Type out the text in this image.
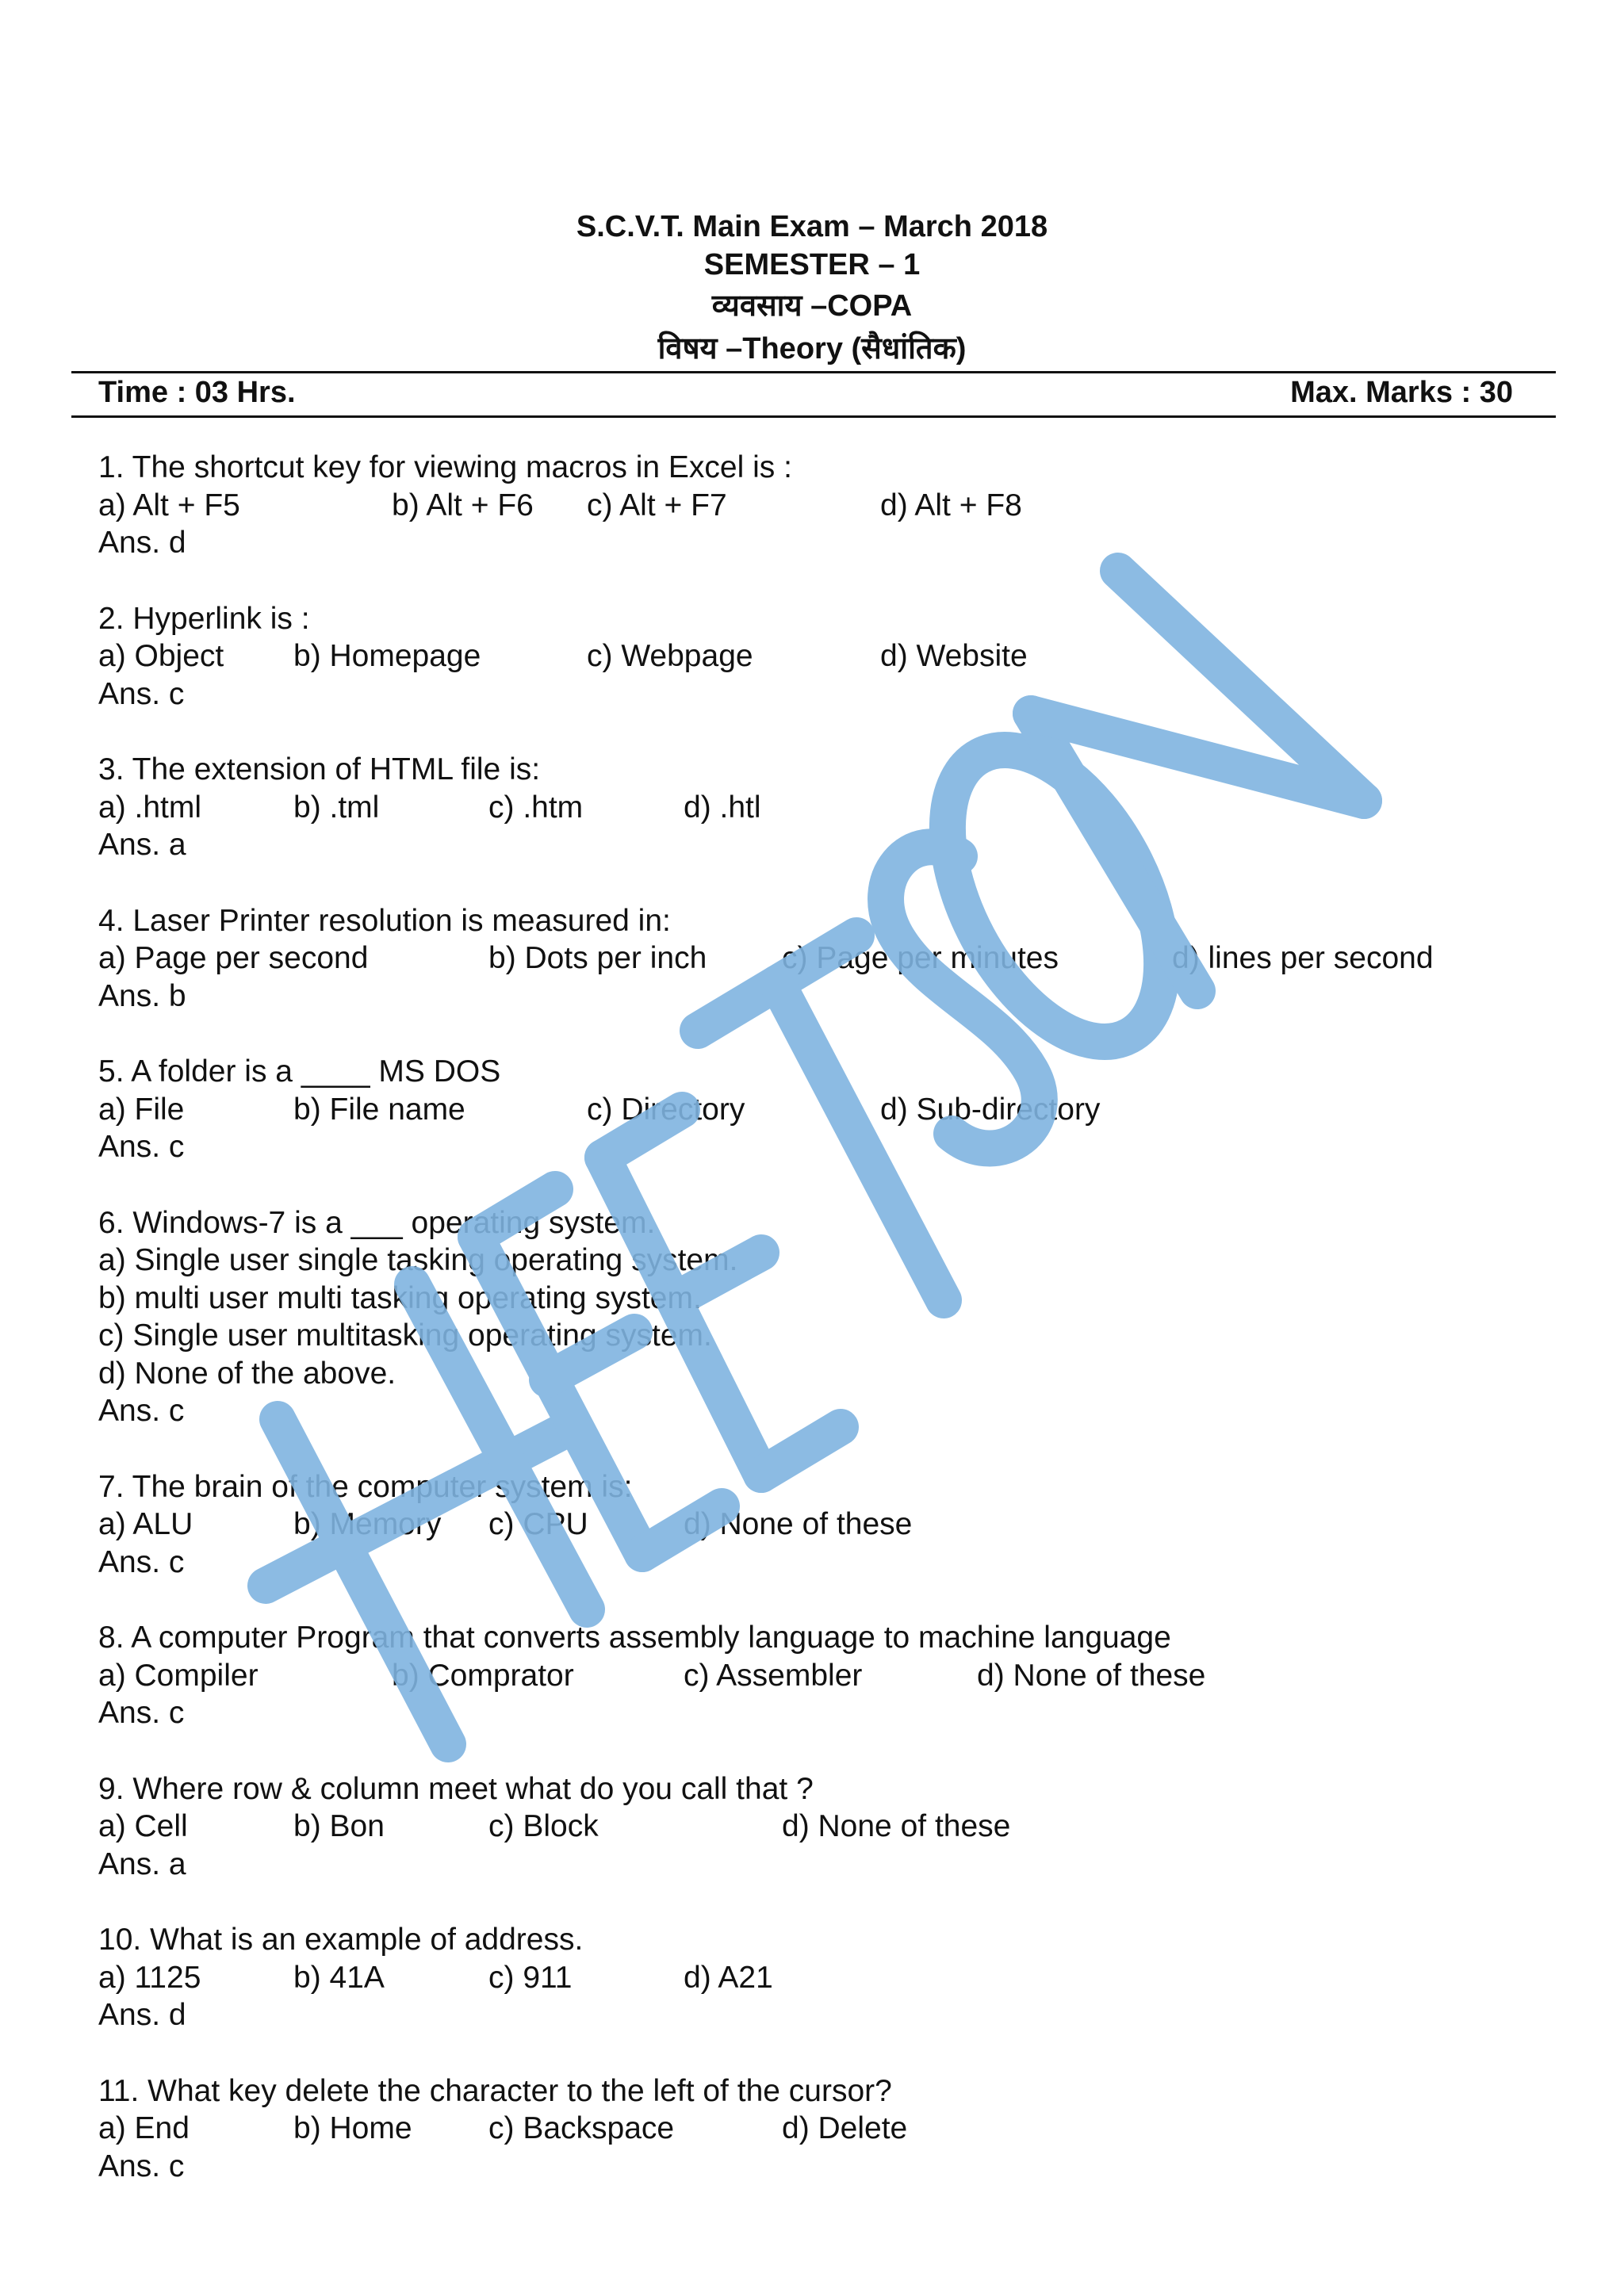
S.C.V.T. Main Exam – March 2018
SEMESTER – 1
व्यवसाय –COPA
विषय –Theory (सैधांतिक)
Time : 03 Hrs.	Max. Marks : 30
1. The shortcut key for viewing macros in Excel is :
a) Alt + F5	b) Alt + F6 c) Alt + F7	d) Alt + F8
Ans. d
2. Hyperlink is :
a) Object b) Homepage	c) Webpage	d) Website
Ans. c
3. The extension of HTML file is:
a) .html	b) .tml	c) .htm	d) .htl
Ans. a
4. Laser Printer resolution is measured in:
a) Page per second	b) Dots per inch c) Page per minutes	d) lines per second
Ans. b
5. A folder is a ____ MS DOS
a) File	b) File name	c) Directory	d) Sub-directory
Ans. c
6. Windows-7 is a ___ operating system.
a) Single user single tasking operating system.
b) multi user multi tasking operating system.
c) Single user multitasking operating system.
d) None of the above.
Ans. c
7. The brain of the computer system is:
a) ALU	b) Memory c) CPU	d) None of these
Ans. c
8. A computer Program that converts assembly language to machine language
a) Compiler	b) Comprator	c) Assembler	d) None of these
Ans. c
9. Where row & column meet what do you call that ?
a) Cell	b) Bon	c) Block	d) None of these
Ans. a
10. What is an example of address.
a) 1125	b) 41A	c) 911	d) A21
Ans. d
11. What key delete the character to the left of the cursor?
a) End	b) Home c) Backspace	d) Delete
Ans. c
